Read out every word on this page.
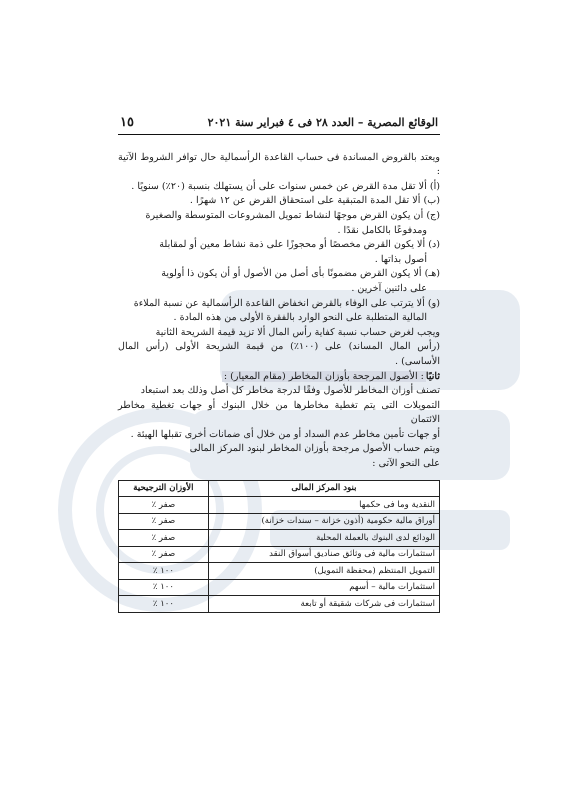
الوقائع المصرية – العدد ٢٨ فى ٤ فبراير سنة ٢٠٢١
١٥

ويعتد بالقروض المساندة فى حساب القاعدة الرأسمالية حال توافر الشروط الآتية :

(أ) ألا تقل مدة القرض عن خمس سنوات على أن يستهلك بنسبة (٢٠٪) سنويًا .

(ب) ألا تقل المدة المتبقية على استحقاق القرض عن ١٢ شهرًا .

(ج) أن يكون القرض موجهًا لنشاط تمويل المشروعات المتوسطة والصغيرة

ومدفوعًا بالكامل نقدًا .

(د) ألا يكون القرض مخصصًا أو محجوزًا على ذمة نشاط معين أو لمقابلة

أصول بذاتها .

(هـ) ألا يكون القرض مضمونًا بأى أصل من الأصول أو أن يكون ذا أولوية

على دائنين آخرين .

(و) ألا يترتب على الوفاء بالقرض انخفاض القاعدة الرأسمالية عن نسبة الملاءة

المالية المتطلبة على النحو الوارد بالفقرة الأولى من هذه المادة .

ويجب لغرض حساب نسبة كفاية رأس المال ألا تزيد قيمة الشريحة الثانية

(رأس المال المساند) على (١٠٠٪) من قيمة الشريحة الأولى (رأس المال الأساسى) .

ثانيًا: الأصول المرجحة بأوزان المخاطر (مقام المعيار) :

تصنف أوزان المخاطر للأصول وفقًا لدرجة مخاطر كل أصل وذلك بعد استبعاد

التمويلات التى يتم تغطية مخاطرها من خلال البنوك أو جهات تغطية مخاطر الائتمان

أو جهات تأمين مخاطر عدم السداد أو من خلال أى ضمانات أخرى تقبلها الهيئة .

ويتم حساب الأصول مرجحة بأوزان المخاطر لبنود المركز المالى

على النحو الآتى :

بنود المركز المالى	الأوزان الترجيحية
النقدية وما فى حكمها	صفر ٪
أوراق مالية حكومية (أذون خزانة – سندات خزانة)	صفر ٪
الودائع لدى البنوك بالعملة المحلية	صفر ٪
استثمارات مالية فى وثائق صناديق أسواق النقد	صفر ٪
التمويل المنتظم (محفظة التمويل)	١٠٠ ٪
استثمارات مالية – أسهم	١٠٠ ٪
استثمارات فى شركات شقيقة أو تابعة	١٠٠ ٪
